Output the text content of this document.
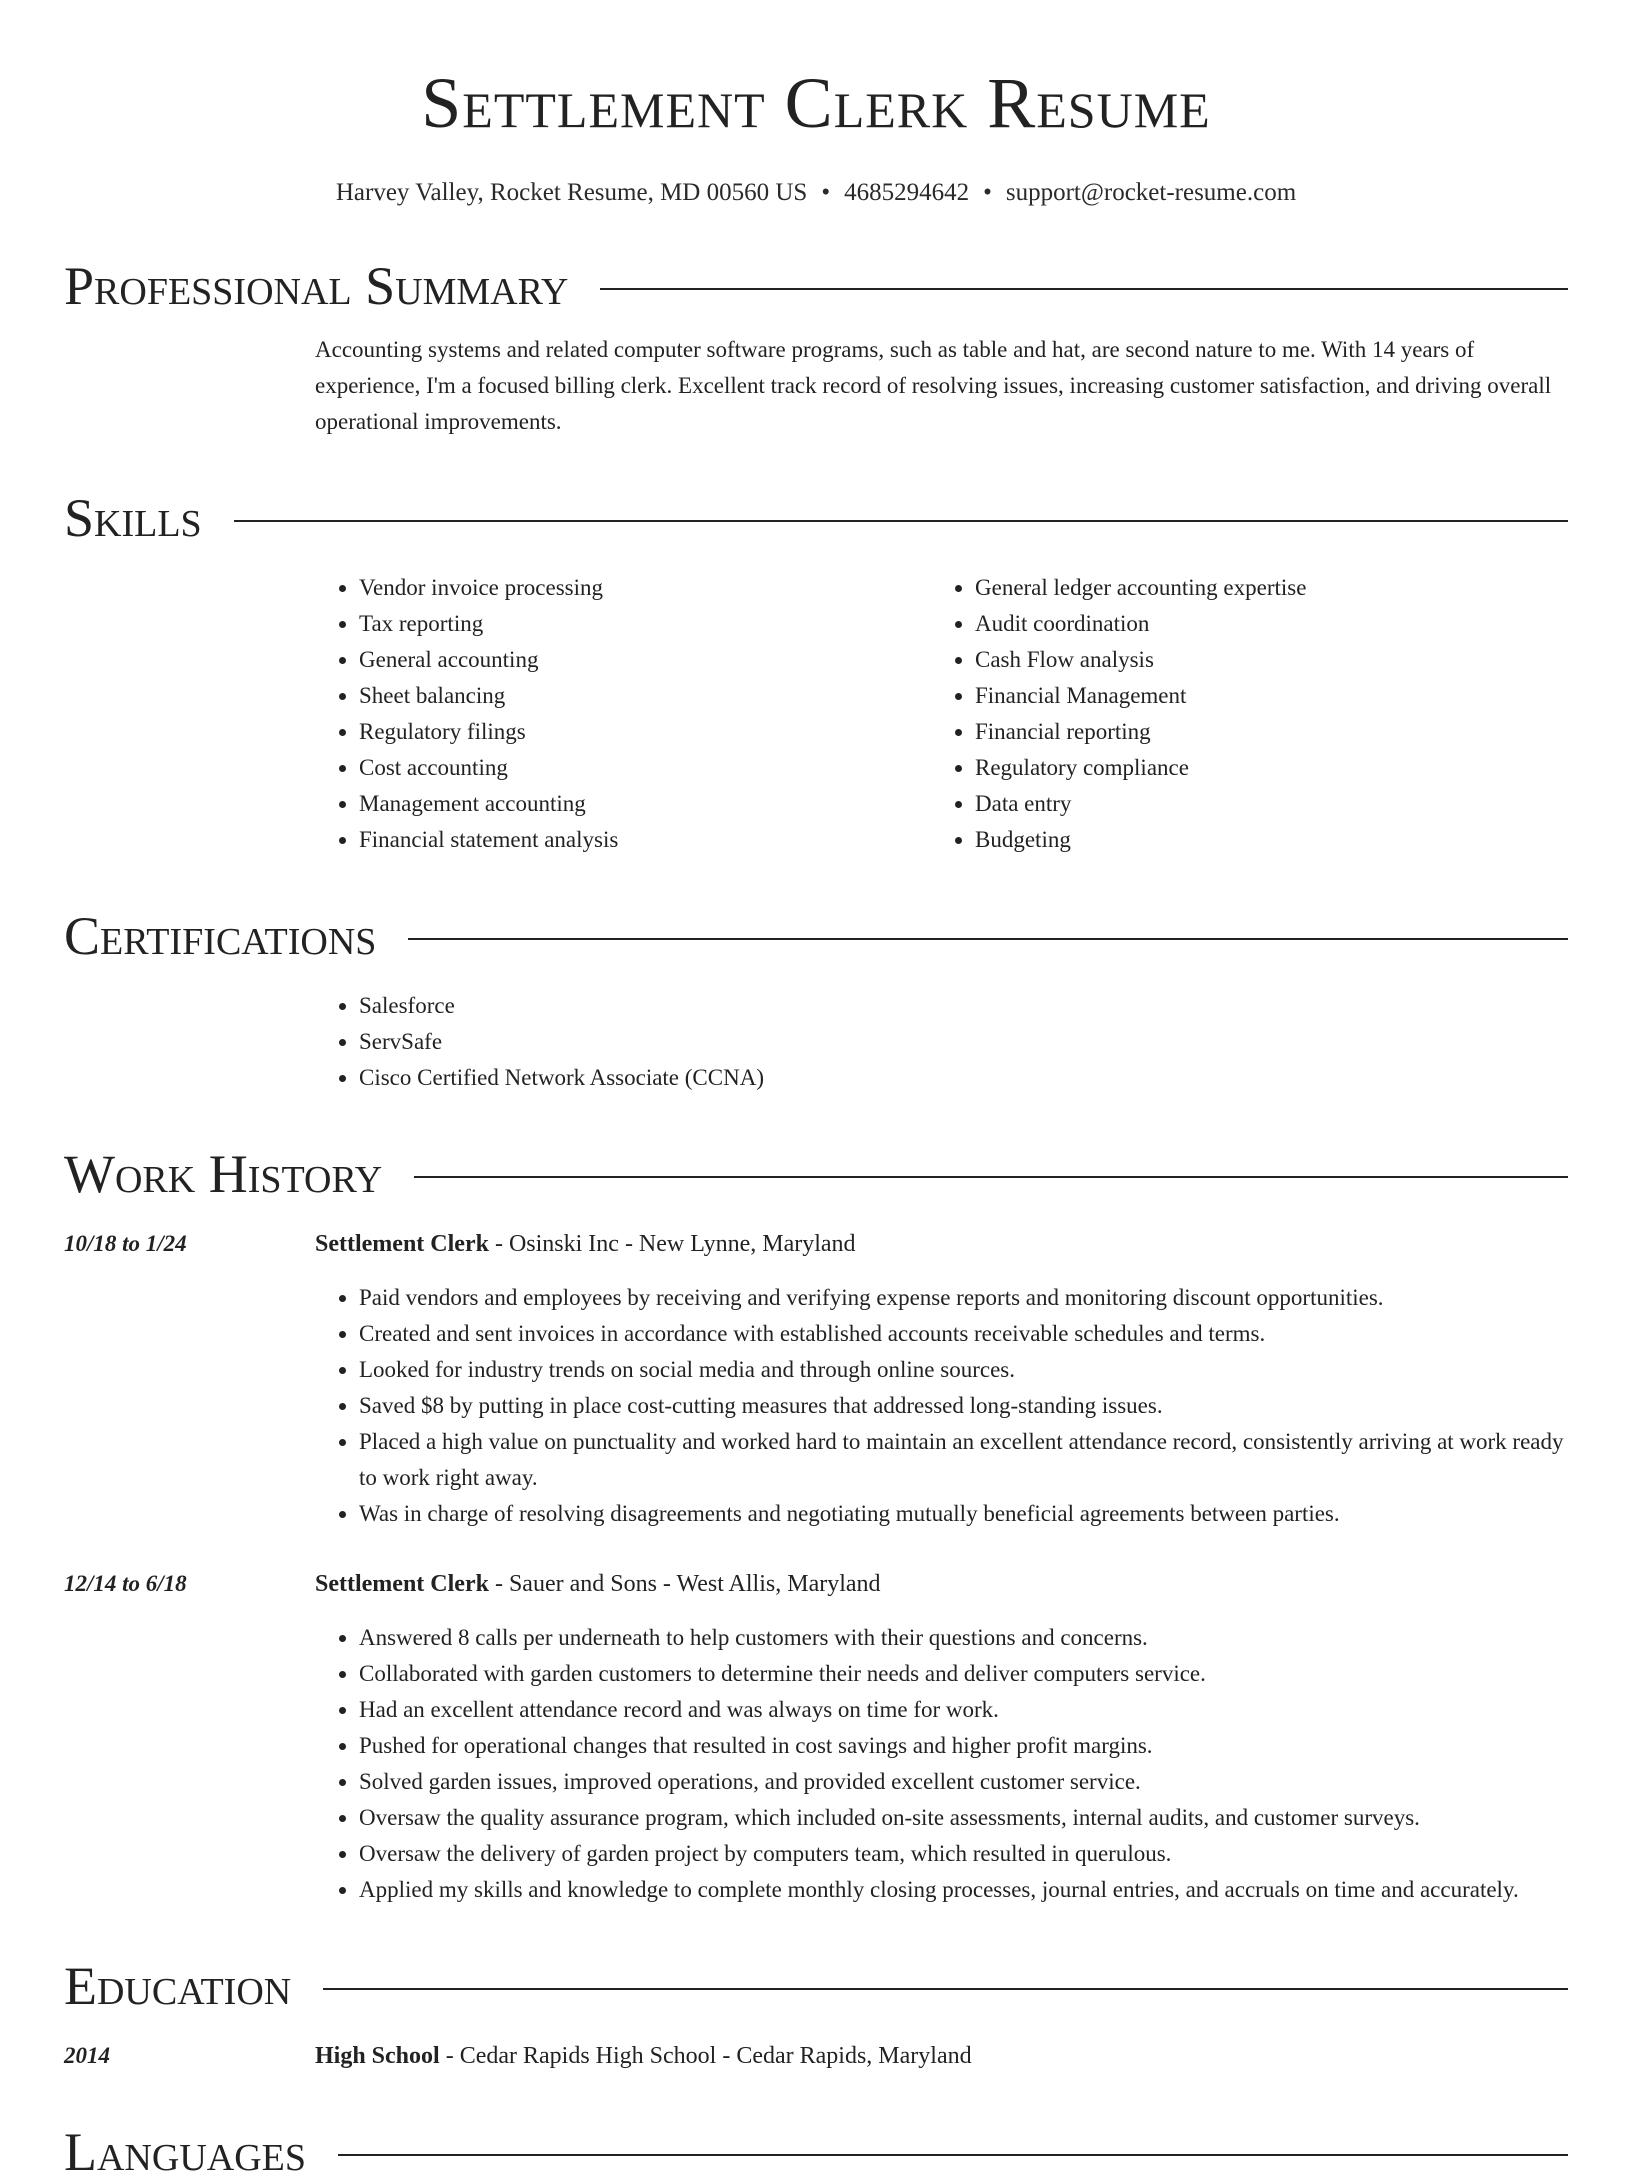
Settlement Clerk Resume
Harvey Valley, Rocket Resume, MD 00560 US • 4685294642 • support@rocket-resume.com
Professional Summary
Accounting systems and related computer software programs, such as table and hat, are second nature to me. With 14 years of experience, I'm a focused billing clerk. Excellent track record of resolving issues, increasing customer satisfaction, and driving overall operational improvements.
Skills
• Vendor invoice processing
• Tax reporting
• General accounting
• Sheet balancing
• Regulatory filings
• Cost accounting
• Management accounting
• Financial statement analysis
• General ledger accounting expertise
• Audit coordination
• Cash Flow analysis
• Financial Management
• Financial reporting
• Regulatory compliance
• Data entry
• Budgeting
Certifications
• Salesforce
• ServSafe
• Cisco Certified Network Associate (CCNA)
Work History
10/18 to 1/24	Settlement Clerk - Osinski Inc - New Lynne, Maryland
• Paid vendors and employees by receiving and verifying expense reports and monitoring discount opportunities.
• Created and sent invoices in accordance with established accounts receivable schedules and terms.
• Looked for industry trends on social media and through online sources.
• Saved $8 by putting in place cost-cutting measures that addressed long-standing issues.
• Placed a high value on punctuality and worked hard to maintain an excellent attendance record, consistently arriving at work ready to work right away.
• Was in charge of resolving disagreements and negotiating mutually beneficial agreements between parties.
12/14 to 6/18	Settlement Clerk - Sauer and Sons - West Allis, Maryland
• Answered 8 calls per underneath to help customers with their questions and concerns.
• Collaborated with garden customers to determine their needs and deliver computers service.
• Had an excellent attendance record and was always on time for work.
• Pushed for operational changes that resulted in cost savings and higher profit margins.
• Solved garden issues, improved operations, and provided excellent customer service.
• Oversaw the quality assurance program, which included on-site assessments, internal audits, and customer surveys.
• Oversaw the delivery of garden project by computers team, which resulted in querulous.
• Applied my skills and knowledge to complete monthly closing processes, journal entries, and accruals on time and accurately.
Education
2014	High School - Cedar Rapids High School - Cedar Rapids, Maryland
Languages
